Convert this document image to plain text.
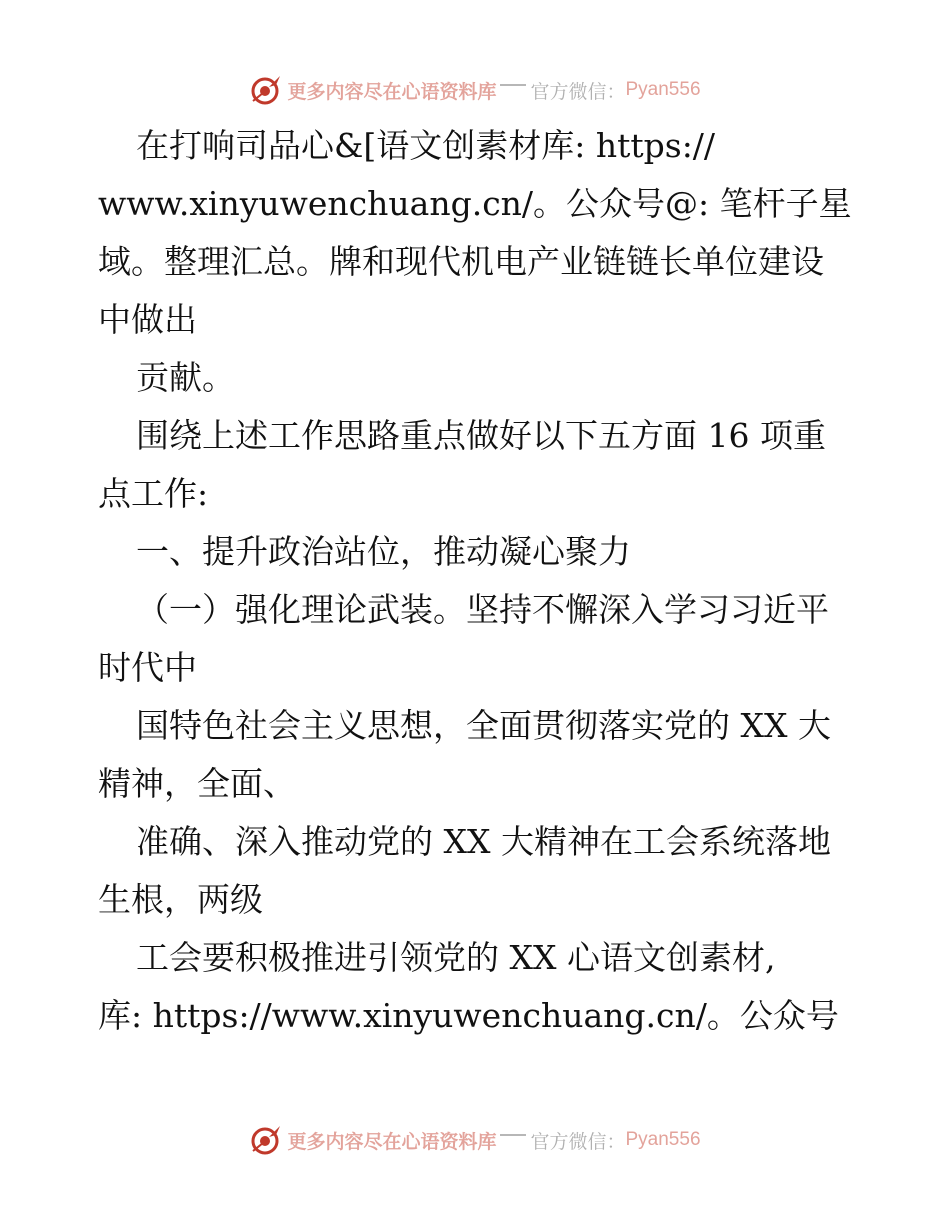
更多内容尽在心语资料库 官方微信： Pyan556
在打响司品心&[语文创素材库: https://
www.xinyuwenchuang.cn/。公众号@: 笔杆子星
域。整理汇总。牌和现代机电产业链链长单位建设
中做出
贡献。
围绕上述工作思路重点做好以下五方面 16 项重
点工作:
一、提升政治站位，推动凝心聚力
（一）强化理论武装。坚持不懈深入学习习近平
时代中
国特色社会主义思想，全面贯彻落实党的 XX 大
精神，全面、
准确、深入推动党的 XX 大精神在工会系统落地
生根，两级
工会要积极推进引领党的 XX 心语文创素材,
库: https://www.xinyuwenchuang.cn/。公众号
更多内容尽在心语资料库 官方微信： Pyan556
